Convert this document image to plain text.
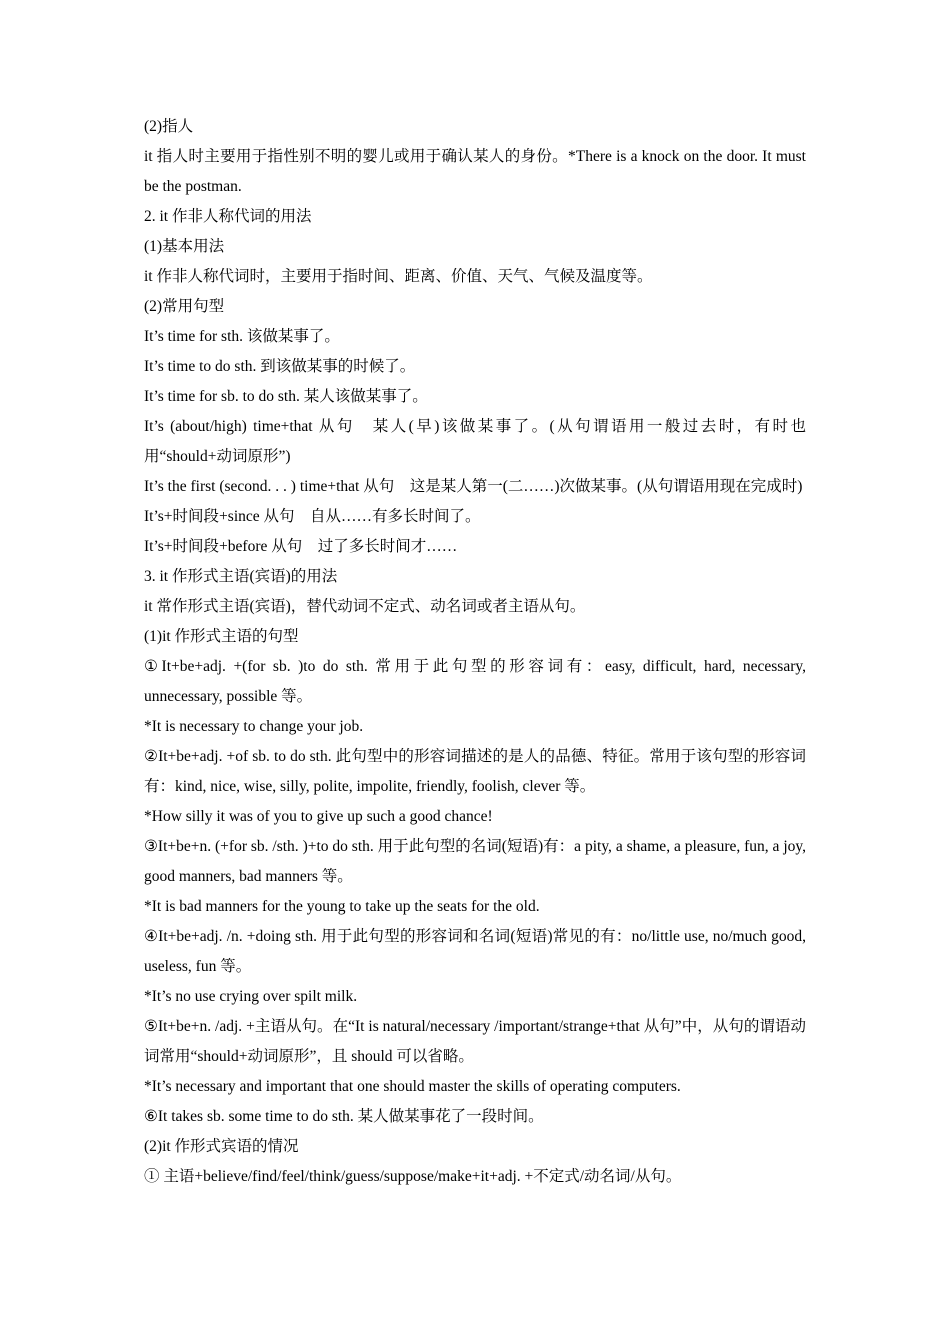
(2)指人
it 指人时主要用于指性别不明的婴儿或用于确认某人的身份。*There is a knock on the door. It must be the postman.
2. it 作非人称代词的用法
(1)基本用法
it 作非人称代词时，主要用于指时间、距离、价值、天气、气候及温度等。
(2)常用句型
It’s time for sth. 该做某事了。
It’s time to do sth. 到该做某事的时候了。
It’s time for sb. to do sth. 某人该做某事了。
It’s (about/high) time+that 从句　某人(早)该做某事了。(从句谓语用一般过去时，有时也用“should+动词原形”)
It’s the first (second. . . ) time+that 从句　这是某人第一(二……)次做某事。(从句谓语用现在完成时)
It’s+时间段+since 从句　自从……有多长时间了。
It’s+时间段+before 从句　过了多长时间才……
3. it 作形式主语(宾语)的用法
it 常作形式主语(宾语)，替代动词不定式、动名词或者主语从句。
(1)it 作形式主语的句型
①It+be+adj. +(for sb. )to do sth. 常用于此句型的形容词有：easy, difficult, hard, necessary, unnecessary, possible 等。
*It is necessary to change your job.
②It+be+adj. +of sb. to do sth. 此句型中的形容词描述的是人的品德、特征。常用于该句型的形容词有：kind, nice, wise, silly, polite, impolite, friendly, foolish, clever 等。
*How silly it was of you to give up such a good chance!
③It+be+n. (+for sb. /sth. )+to do sth. 用于此句型的名词(短语)有：a pity, a shame, a pleasure, fun, a joy, good manners, bad manners 等。
*It is bad manners for the young to take up the seats for the old.
④It+be+adj. /n. +doing sth. 用于此句型的形容词和名词(短语)常见的有：no/little use, no/much good, useless, fun 等。
*It’s no use crying over spilt milk.
⑤It+be+n. /adj. +主语从句。在“It is natural/necessary /important/strange+that 从句”中，从句的谓语动词常用“should+动词原形”，且 should 可以省略。
*It’s necessary and important that one should master the skills of operating computers.
⑥It takes sb. some time to do sth. 某人做某事花了一段时间。
(2)it 作形式宾语的情况
① 主语+believe/find/feel/think/guess/suppose/make+it+adj. +不定式/动名词/从句。
